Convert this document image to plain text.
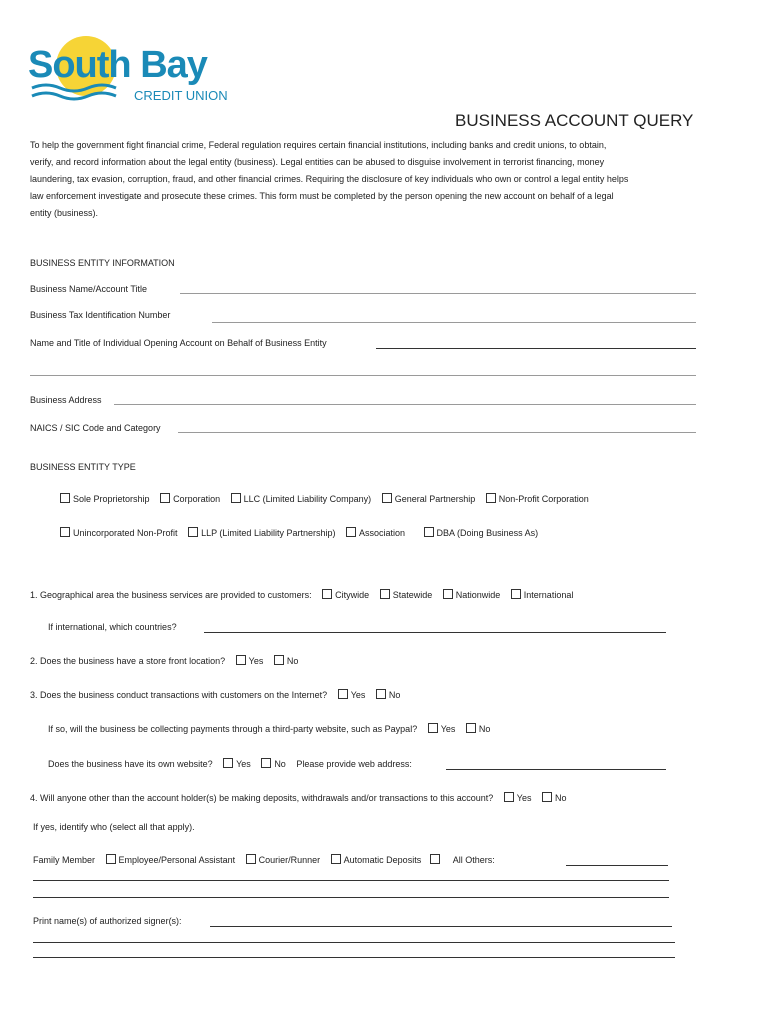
South Bay
CREDIT UNION
BUSINESS ACCOUNT QUERY
To help the government fight financial crime, Federal regulation requires certain financial institutions, including banks and credit unions, to obtain,
verify, and record information about the legal entity (business). Legal entities can be abused to disguise involvement in terrorist financing, money
laundering, tax evasion, corruption, fraud, and other financial crimes. Requiring the disclosure of key individuals who own or control a legal entity helps
law enforcement investigate and prosecute these crimes. This form must be completed by the person opening the new account on behalf of a legal
entity (business).
BUSINESS ENTITY INFORMATION
Business Name/Account Title
Business Tax Identification Number
Name and Title of Individual Opening Account on Behalf of Business Entity
Business Address
NAICS / SIC Code and Category
BUSINESS ENTITY TYPE
Sole Proprietorship	Corporation	LLC (Limited Liability Company)	General Partnership	Non-Profit Corporation
Unincorporated Non-Profit	LLP (Limited Liability Partnership)	Association	DBA (Doing Business As)
1. Geographical area the business services are provided to customers:	Citywide	Statewide	Nationwide	International
If international, which countries?
2. Does the business have a store front location?	Yes	No
3. Does the business conduct transactions with customers on the Internet?	Yes	No
If so, will the business be collecting payments through a third-party website, such as Paypal?	Yes	No
Does the business have its own website?	Yes	No Please provide web address:
4. Will anyone other than the account holder(s) be making deposits, withdrawals and/or transactions to this account?	Yes	No
If yes, identify who (select all that apply).
Family Member	Employee/Personal Assistant	Courier/Runner	Automatic Deposits	All Others:
Print name(s) of authorized signer(s):
